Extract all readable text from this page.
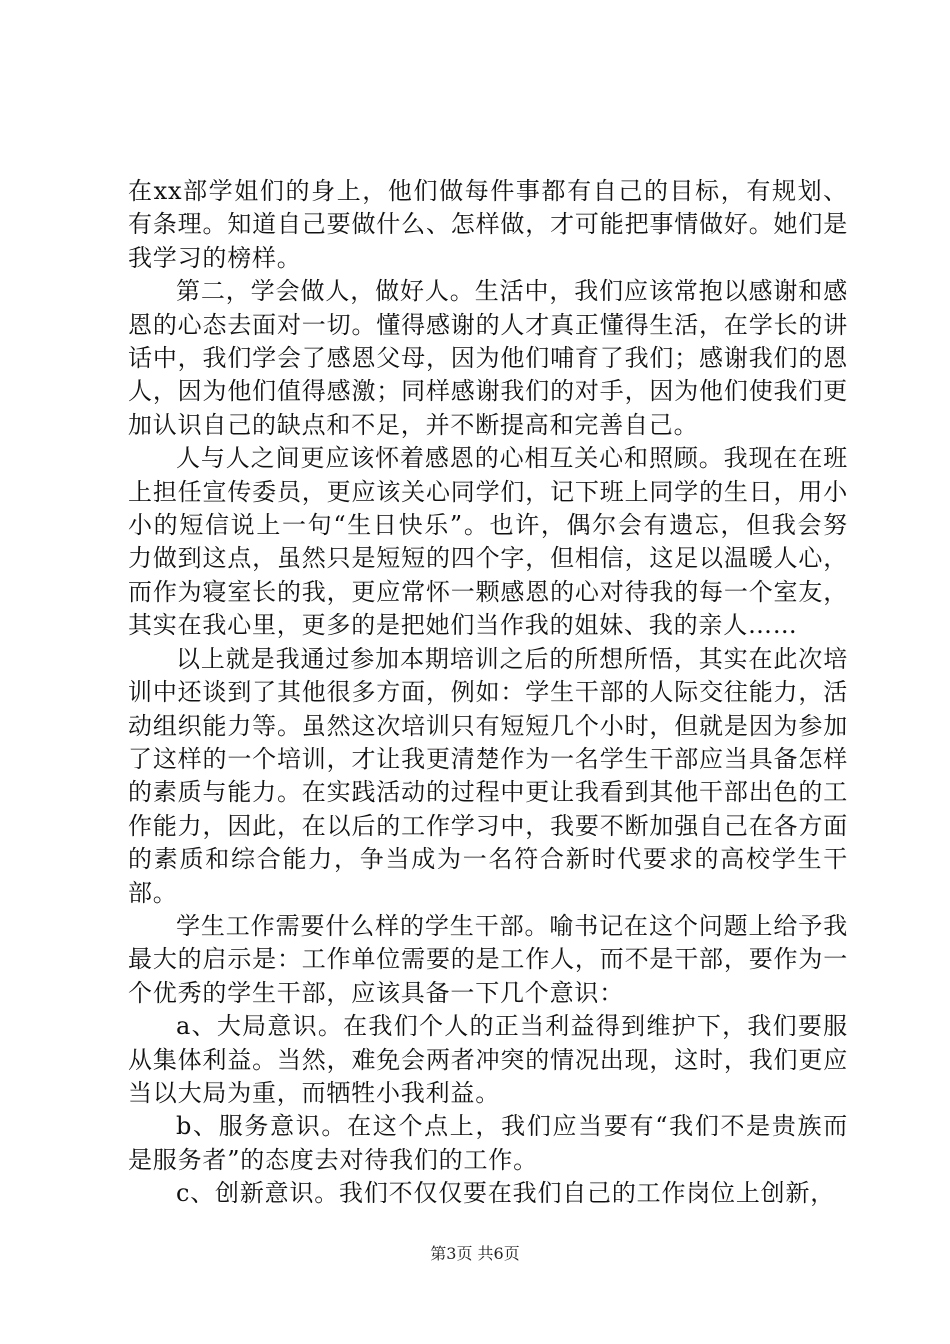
在xx部学姐们的身上，他们做每件事都有自己的目标，有规划、有条理。知道自己要做什么、怎样做，才可能把事情做好。她们是我学习的榜样。

第二，学会做人，做好人。生活中，我们应该常抱以感谢和感恩的心态去面对一切。懂得感谢的人才真正懂得生活，在学长的讲话中，我们学会了感恩父母，因为他们哺育了我们；感谢我们的恩人，因为他们值得感激；同样感谢我们的对手，因为他们使我们更加认识自己的缺点和不足，并不断提高和完善自己。

人与人之间更应该怀着感恩的心相互关心和照顾。我现在在班上担任宣传委员，更应该关心同学们，记下班上同学的生日，用小小的短信说上一句“生日快乐”。也许，偶尔会有遗忘，但我会努力做到这点，虽然只是短短的四个字，但相信，这足以温暖人心，而作为寝室长的我，更应常怀一颗感恩的心对待我的每一个室友，其实在我心里，更多的是把她们当作我的姐妹、我的亲人……

以上就是我通过参加本期培训之后的所想所悟，其实在此次培训中还谈到了其他很多方面，例如：学生干部的人际交往能力，活动组织能力等。虽然这次培训只有短短几个小时，但就是因为参加了这样的一个培训，才让我更清楚作为一名学生干部应当具备怎样的素质与能力。在实践活动的过程中更让我看到其他干部出色的工作能力，因此，在以后的工作学习中，我要不断加强自己在各方面的素质和综合能力，争当成为一名符合新时代要求的高校学生干部。

学生工作需要什么样的学生干部。喻书记在这个问题上给予我最大的启示是：工作单位需要的是工作人，而不是干部，要作为一个优秀的学生干部，应该具备一下几个意识：

a、大局意识。在我们个人的正当利益得到维护下，我们要服从集体利益。当然，难免会两者冲突的情况出现，这时，我们更应当以大局为重，而牺牲小我利益。

b、服务意识。在这个点上，我们应当要有“我们不是贵族而是服务者”的态度去对待我们的工作。

c、创新意识。我们不仅仅要在我们自己的工作岗位上创新，

第3页 共6页
